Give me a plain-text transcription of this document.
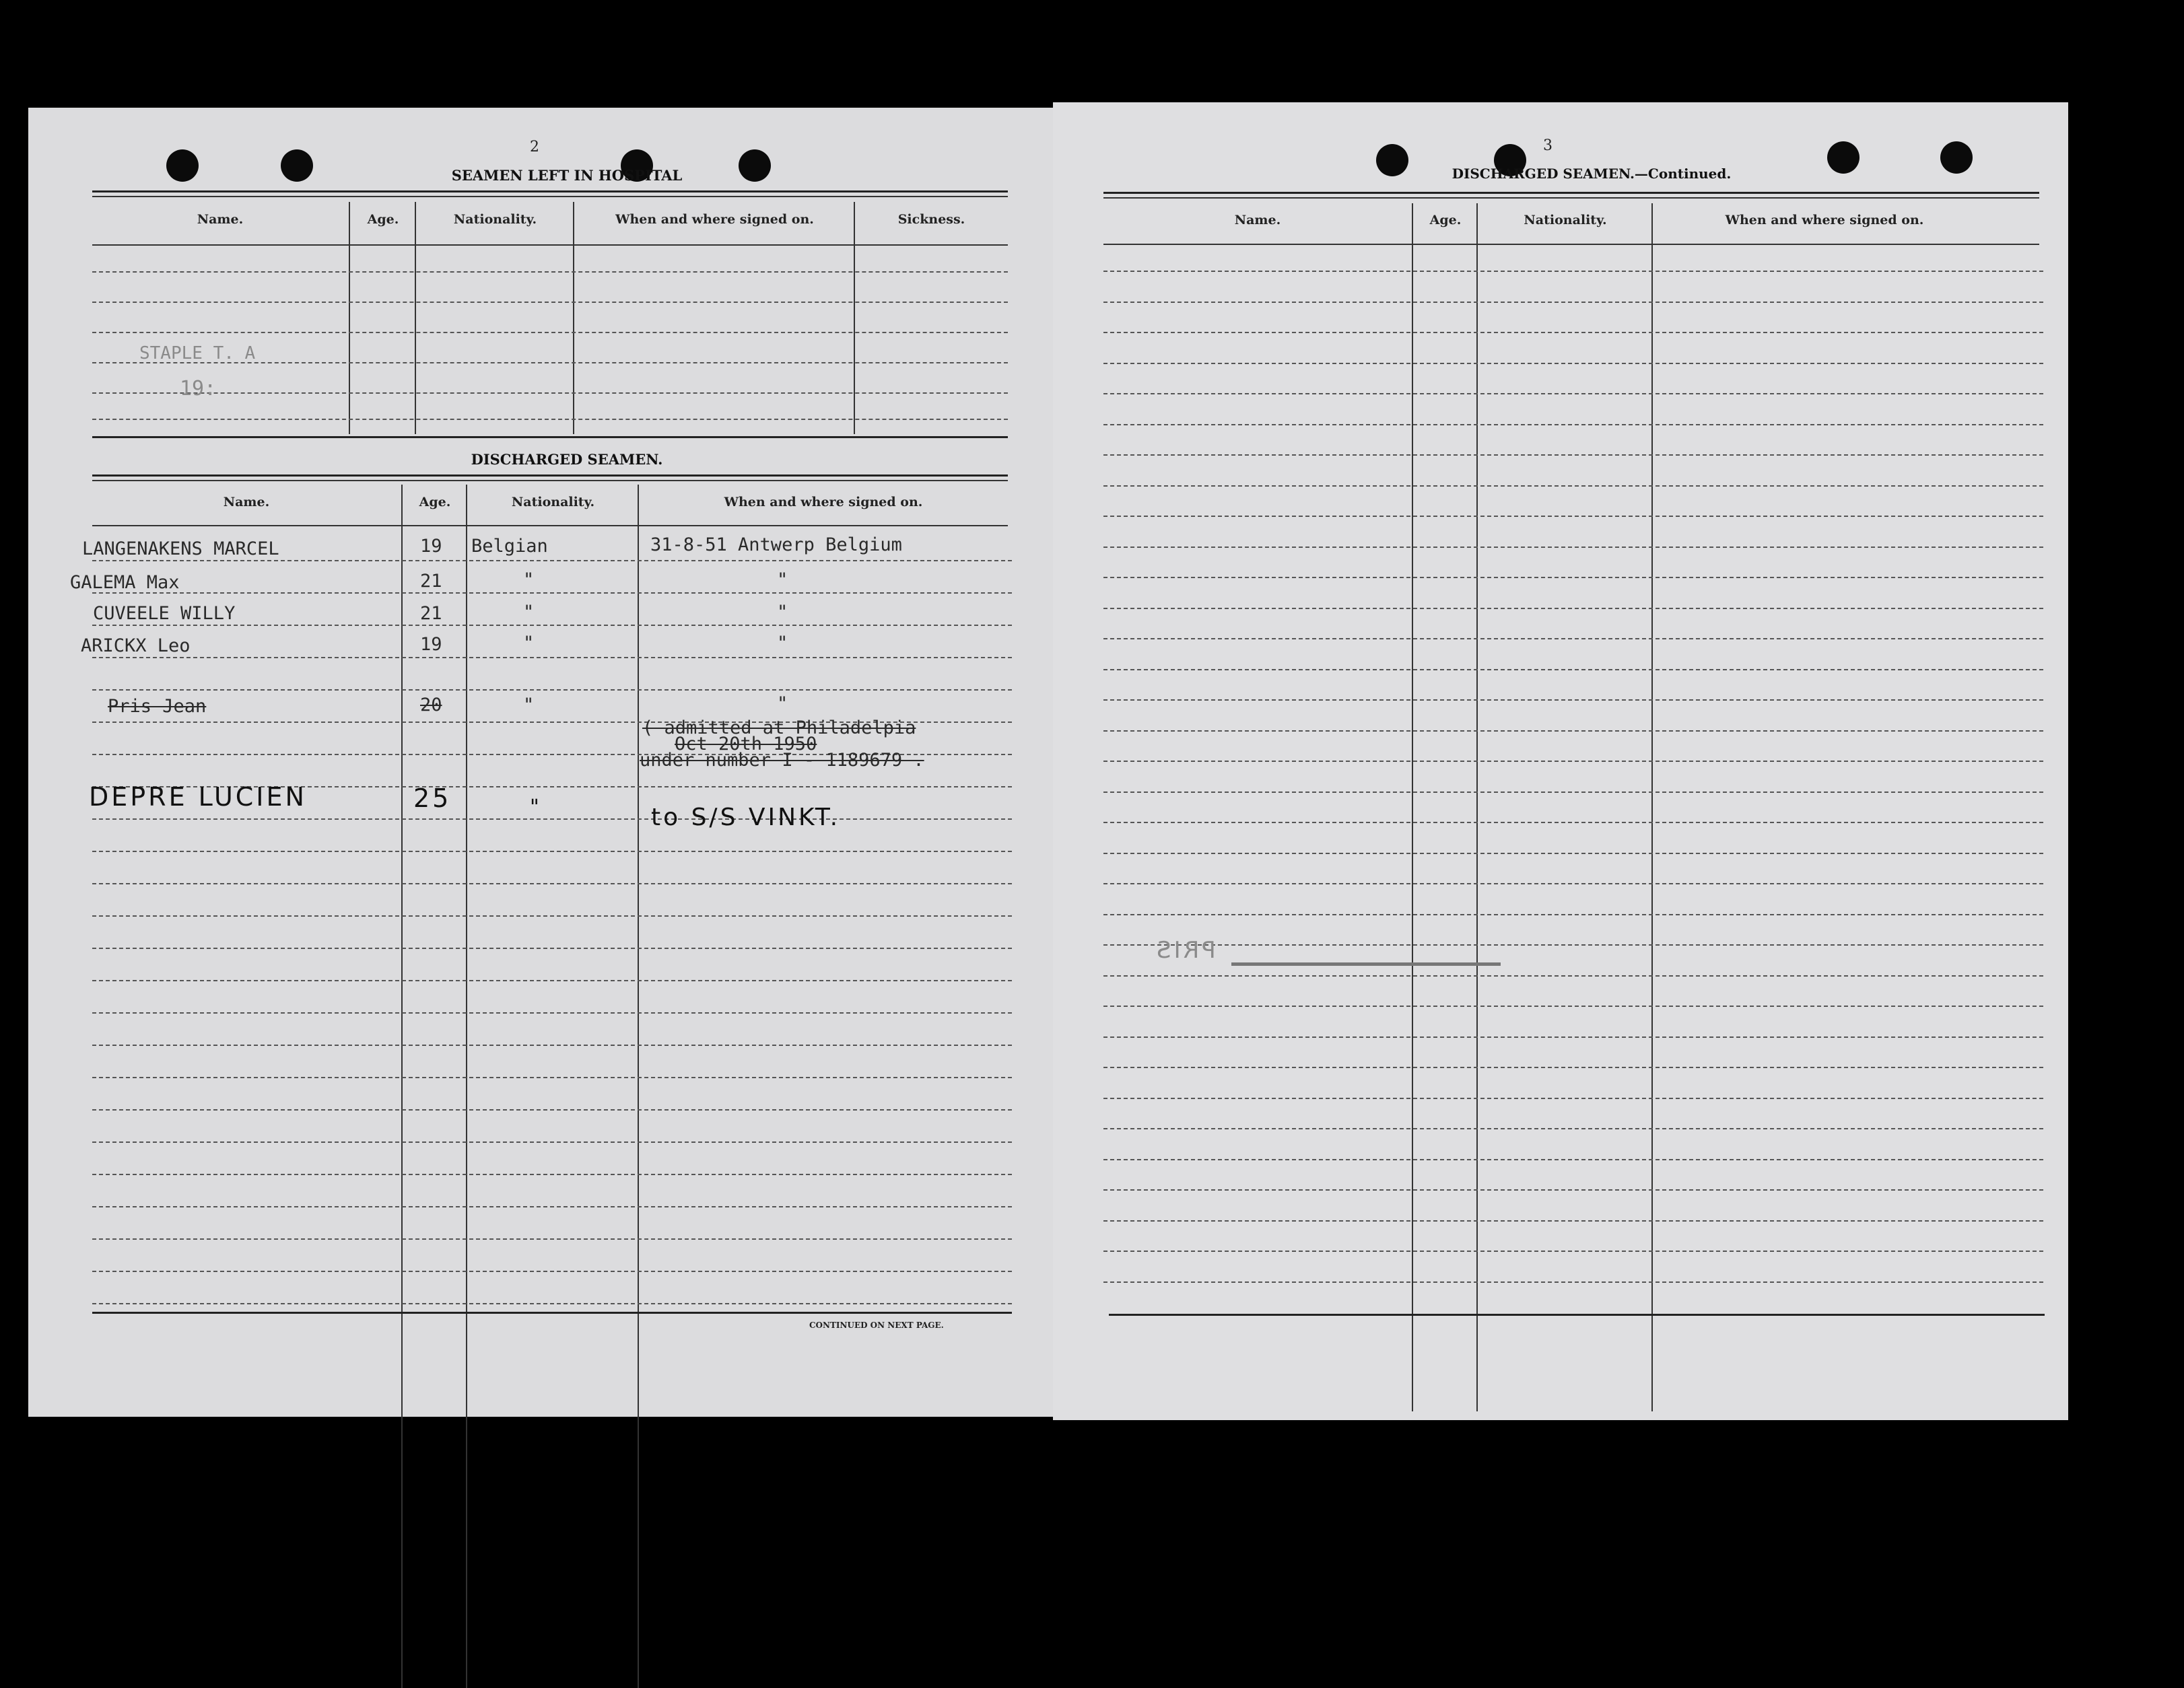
2
SEAMEN LEFT IN HOSPITAL
Name.	Age.	Nationality.	When and where signed on.	Sickness.
STAPLE T. A
19:
DISCHARGED SEAMEN.
Name.	Age.	Nationality.	When and where signed on.
LANGENAKENS MARCEL	19 Belgian	31-8-51 Antwerp Belgium
GALEMA Max	21	"	"
CUVEELE WILLY	21	"	"
ARICKX Leo	19	"	"
Pris Jean	20	"	"
( admitted at Philadelpia
Oct 20th 1950
under number I - 1189679 .
DEPRE LUCIEN	25	"	to S/S VINKT.
CONTINUED ON NEXT PAGE.
3
DISCHARGED SEAMEN.—Continued.
Name.	Age.	Nationality.	When and where signed on.
PRIS
